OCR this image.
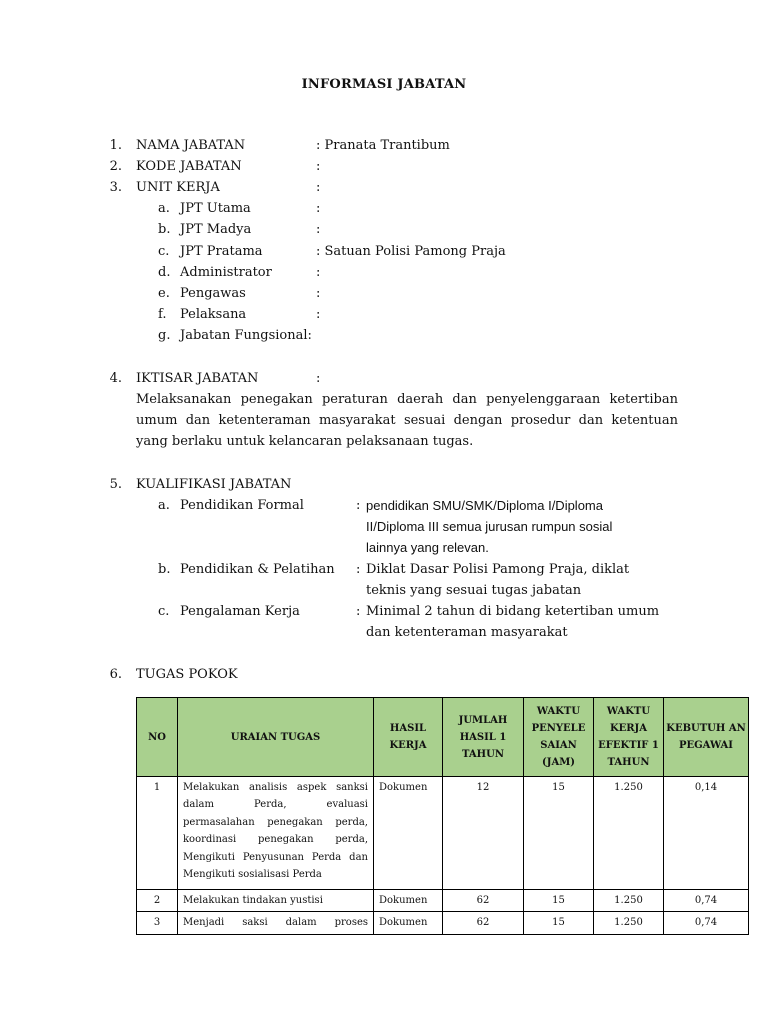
INFORMASI JABATAN
1. NAMA JABATAN	: Pranata Trantibum
2. KODE JABATAN	:
3. UNIT KERJA	:
a. JPT Utama	:
b. JPT Madya	:
c. JPT Pratama	: Satuan Polisi Pamong Praja
d. Administrator	:
e. Pengawas	:
f. Pelaksana	:
g. Jabatan Fungsional:
4. IKTISAR JABATAN	:
Melaksanakan penegakan peraturan daerah dan penyelenggaraan ketertiban
umum dan ketenteraman masyarakat sesuai dengan prosedur dan ketentuan
yang berlaku untuk kelancaran pelaksanaan tugas.
5. KUALIFIKASI JABATAN
a. Pendidikan Formal	: pendidikan SMU/SMK/Diploma I/Diploma
II/Diploma III semua jurusan rumpun sosial
lainnya yang relevan.
b. Pendidikan & Pelatihan : Diklat Dasar Polisi Pamong Praja, diklat
teknis yang sesuai tugas jabatan
c. Pengalaman Kerja	: Minimal 2 tahun di bidang ketertiban umum
dan ketenteraman masyarakat
6. TUGAS POKOK
NO	URAIAN TUGAS	HASIL KERJA	JUMLAH HASIL 1 TAHUN	WAKTU PENYELE SAIAN (JAM)	WAKTU KERJA EFEKTIF 1 TAHUN	KEBUTUH AN PEGAWAI
1	Melakukan analisis aspek sanksi dalam Perda, evaluasi permasalahan penegakan perda, koordinasi penegakan perda, Mengikuti Penyusunan Perda dan Mengikuti sosialisasi Perda	Dokumen	12	15	1.250	0,14
2	Melakukan tindakan yustisi	Dokumen	62	15	1.250	0,74
3	Menjadi saksi dalam proses	Dokumen	62	15	1.250	0,74
